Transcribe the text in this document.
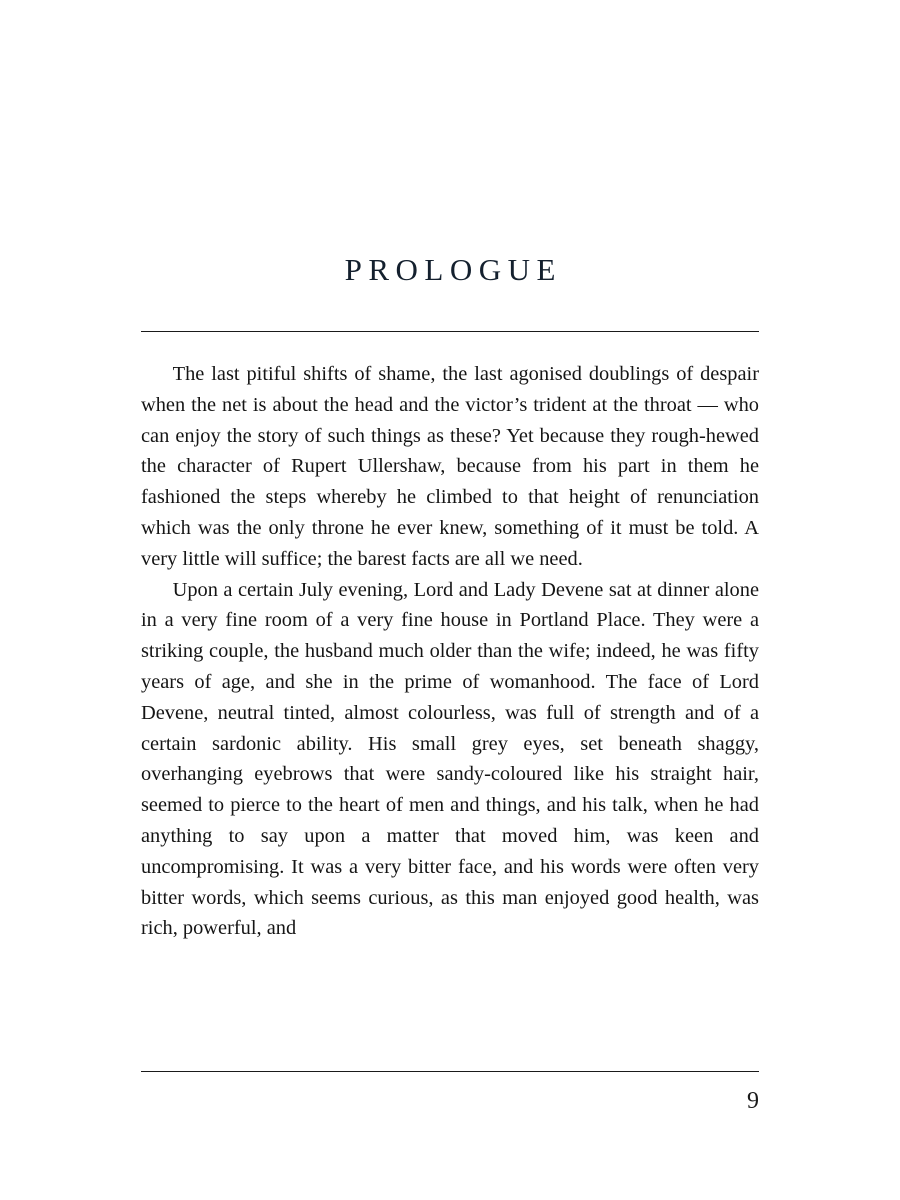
PROLOGUE

The last pitiful shifts of shame, the last agonised doublings of despair when the net is about the head and the victor’s trident at the throat — who can enjoy the story of such things as these? Yet because they rough-hewed the character of Rupert Ullershaw, because from his part in them he fashioned the steps whereby he climbed to that height of renunciation which was the only throne he ever knew, something of it must be told. A very little will suffice; the barest facts are all we need.

Upon a certain July evening, Lord and Lady Devene sat at dinner alone in a very fine room of a very fine house in Portland Place. They were a striking couple, the husband much older than the wife; indeed, he was fifty years of age, and she in the prime of womanhood. The face of Lord Devene, neutral tinted, almost colourless, was full of strength and of a certain sardonic ability. His small grey eyes, set beneath shaggy, overhanging eyebrows that were sandy-coloured like his straight hair, seemed to pierce to the heart of men and things, and his talk, when he had anything to say upon a matter that moved him, was keen and uncompromising. It was a very bitter face, and his words were often very bitter words, which seems curious, as this man enjoyed good health, was rich, powerful, and

9
